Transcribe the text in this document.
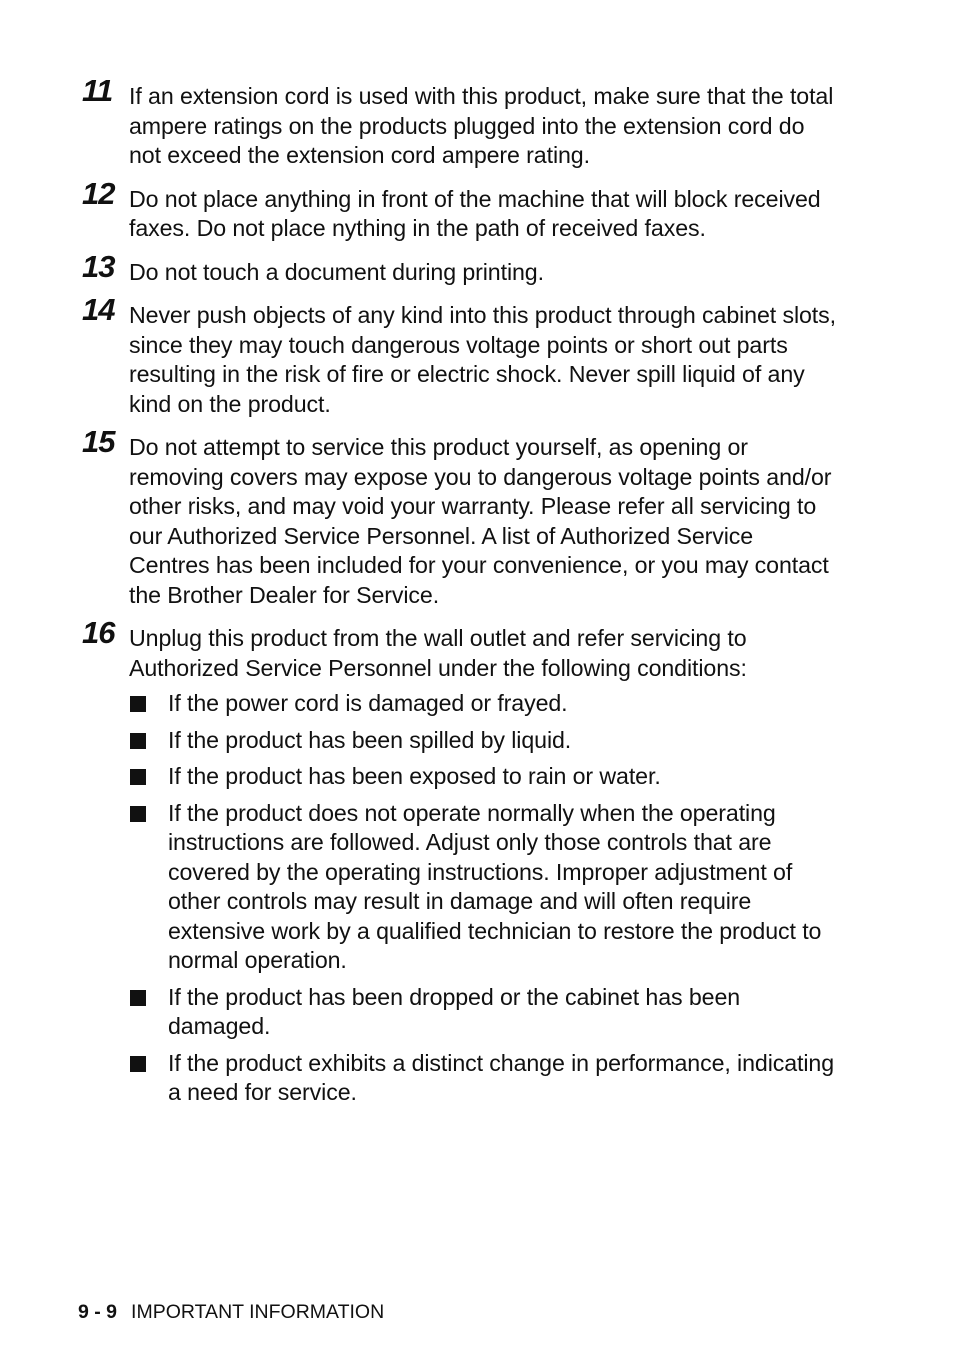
11 If an extension cord is used with this product, make sure that the total ampere ratings on the products plugged into the extension cord do not exceed the extension cord ampere rating.
12 Do not place anything in front of the machine that will block received faxes. Do not place nything in the path of received faxes.
13 Do not touch a document during printing.
14 Never push objects of any kind into this product through cabinet slots, since they may touch dangerous voltage points or short out parts resulting in the risk of fire or electric shock. Never spill liquid of any kind on the product.
15 Do not attempt to service this product yourself, as opening or removing covers may expose you to dangerous voltage points and/or other risks, and may void your warranty. Please refer all servicing to our Authorized Service Personnel. A list of Authorized Service Centres has been included for your convenience, or you may contact the Brother Dealer for Service.
16 Unplug this product from the wall outlet and refer servicing to Authorized Service Personnel under the following conditions:
If the power cord is damaged or frayed.
If the product has been spilled by liquid.
If the product has been exposed to rain or water.
If the product does not operate normally when the operating instructions are followed. Adjust only those controls that are covered by the operating instructions. Improper adjustment of other controls may result in damage and will often require extensive work by a qualified technician to restore the product to normal operation.
If the product has been dropped or the cabinet has been damaged.
If the product exhibits a distinct change in performance, indicating a need for service.
9 - 9 IMPORTANT INFORMATION
